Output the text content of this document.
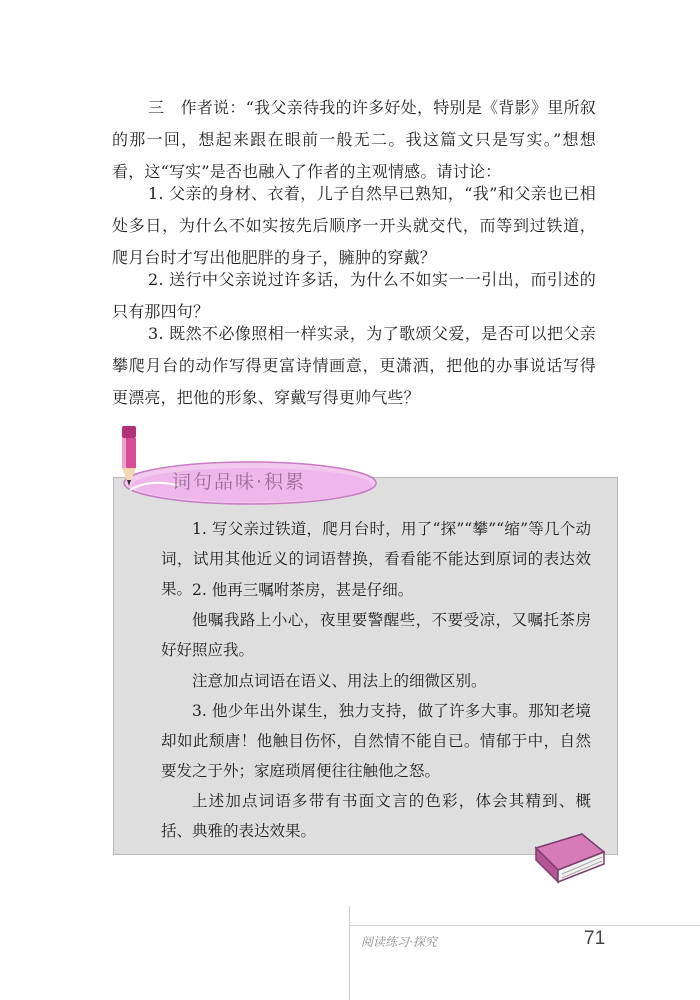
三　作者说：“我父亲待我的许多好处，特别是《背影》里所叙的那一回，想起来跟在眼前一般无二。我这篇文只是写实。”想想看，这“写实”是否也融入了作者的主观情感。请讨论：

1. 父亲的身材、衣着，儿子自然早已熟知，“我”和父亲也已相处多日，为什么不如实按先后顺序一开头就交代，而等到过铁道，爬月台时才写出他肥胖的身子，臃肿的穿戴？

2. 送行中父亲说过许多话，为什么不如实一一引出，而引述的只有那四句？

3. 既然不必像照相一样实录，为了歌颂父爱，是否可以把父亲攀爬月台的动作写得更富诗情画意，更潇洒，把他的办事说话写得更漂亮，把他的形象、穿戴写得更帅气些？

1. 写父亲过铁道，爬月台时，用了“探”“攀”“缩”等几个动词，试用其他近义的词语替换，看看能不能达到原词的表达效果。 2. 他再三嘱咐茶房，甚是仔细。

他嘱我路上小心，夜里要警醒些，不要受凉，又嘱托茶房好好照应我。

注意加点词语在语义、用法上的细微区别。

3. 他少年出外谋生，独力支持，做了许多大事。那知老境却如此颓唐！他触目伤怀，自然情不能自已。情郁于中，自然要发之于外；家庭琐屑便往往触他之怒。

上述加点词语多带有书面文言的色彩，体会其精到、概括、典雅的表达效果。

词句品味·积累
阅读练习·探究	71
